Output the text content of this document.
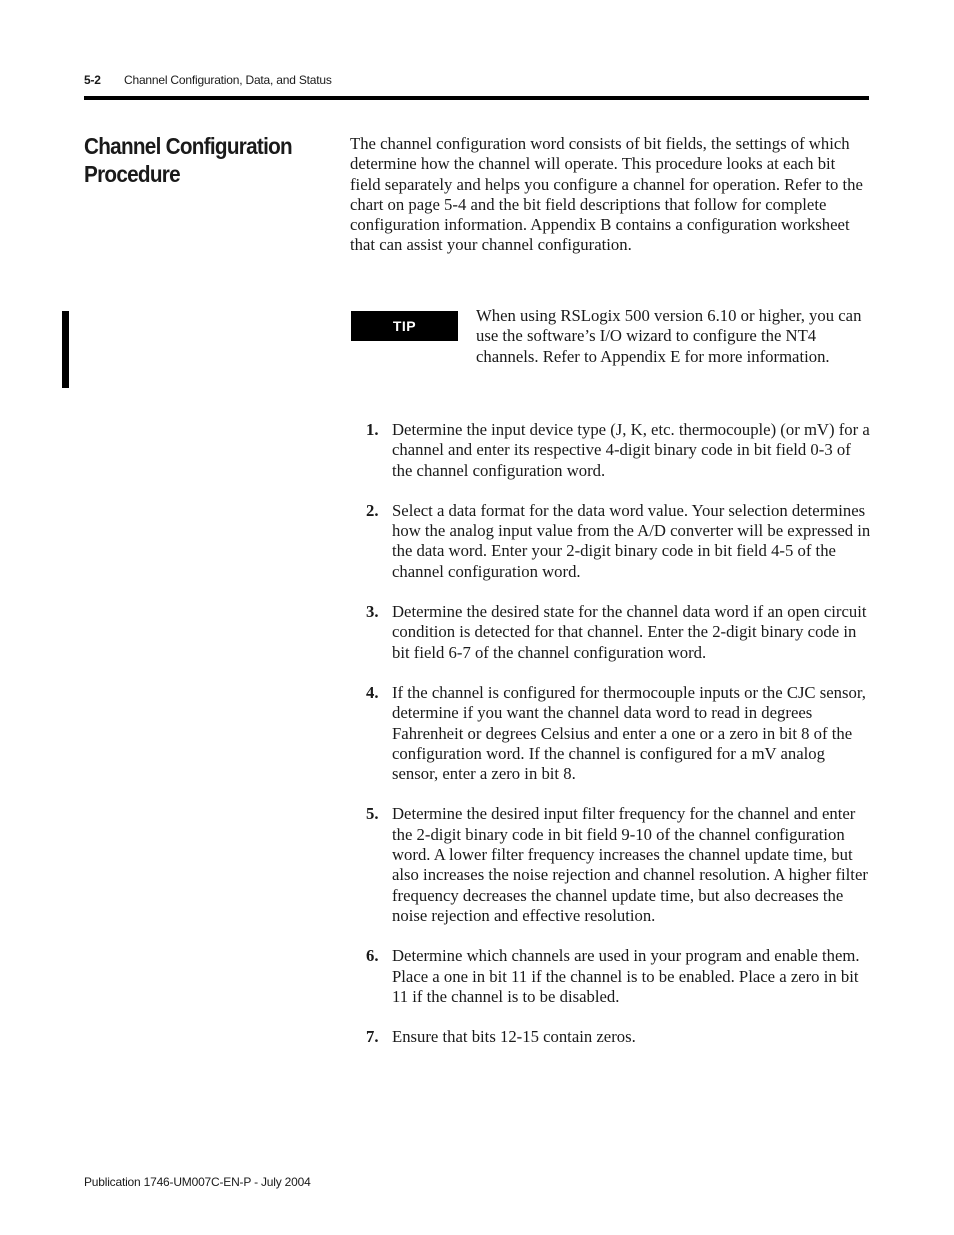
5-2 Channel Configuration, Data, and Status
Channel Configuration Procedure

The channel configuration word consists of bit fields, the settings of which determine how the channel will operate. This procedure looks at each bit field separately and helps you configure a channel for operation. Refer to the chart on page 5-4 and the bit field descriptions that follow for complete configuration information. Appendix B contains a configuration worksheet that can assist your channel configuration.

TIP

When using RSLogix 500 version 6.10 or higher, you can use the software’s I/O wizard to configure the NT4 channels. Refer to Appendix E for more information.

1. Determine the input device type (J, K, etc. thermocouple) (or mV) for a channel and enter its respective 4-digit binary code in bit field 0-3 of the channel configuration word.
2. Select a data format for the data word value. Your selection determines how the analog input value from the A/D converter will be expressed in the data word. Enter your 2-digit binary code in bit field 4-5 of the channel configuration word.
3. Determine the desired state for the channel data word if an open circuit condition is detected for that channel. Enter the 2-digit binary code in bit field 6-7 of the channel configuration word.
4. If the channel is configured for thermocouple inputs or the CJC sensor, determine if you want the channel data word to read in degrees Fahrenheit or degrees Celsius and enter a one or a zero in bit 8 of the configuration word. If the channel is configured for a mV analog sensor, enter a zero in bit 8.
5. Determine the desired input filter frequency for the channel and enter the 2-digit binary code in bit field 9-10 of the channel configuration word. A lower filter frequency increases the channel update time, but also increases the noise rejection and channel resolution. A higher filter frequency decreases the channel update time, but also decreases the noise rejection and effective resolution.
6. Determine which channels are used in your program and enable them. Place a one in bit 11 if the channel is to be enabled. Place a zero in bit 11 if the channel is to be disabled.
7. Ensure that bits 12-15 contain zeros.
Publication 1746-UM007C-EN-P - July 2004
